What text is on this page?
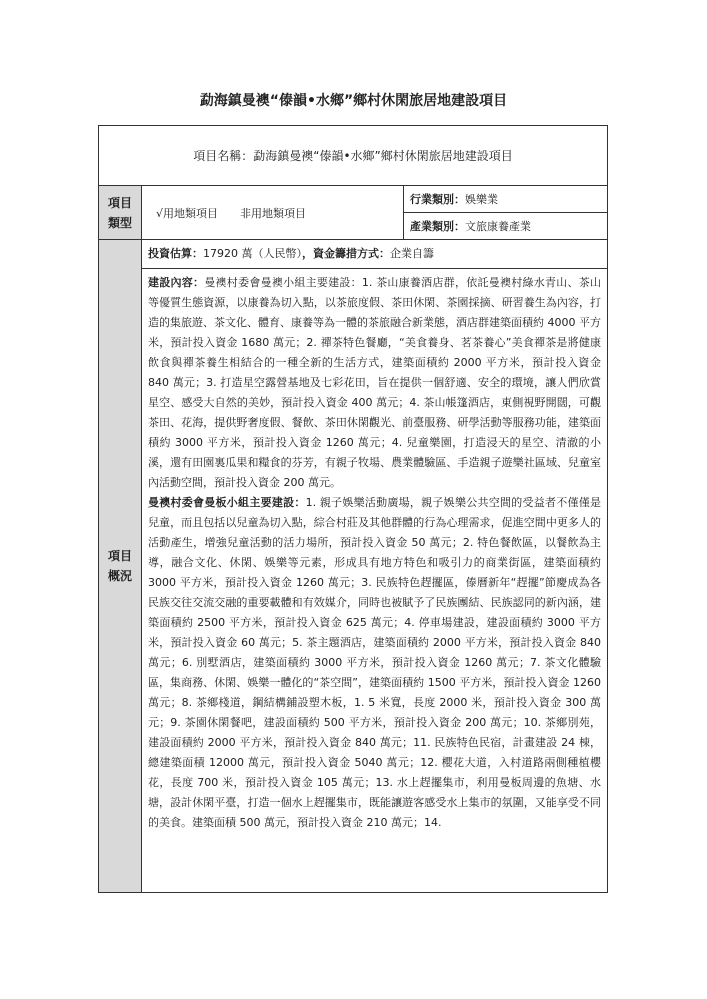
勐海鎮曼襖“傣韻•水鄉”鄉村休閑旅居地建設項目
項目名稱：勐海鎮曼襖“傣韻•水鄉”鄉村休閑旅居地建設項目		

項目類型	√用地類項目 非用地類項目	行業類別：娛樂業
		產業類別：文旅康養產業

項目概況	投資估算：17920 萬（人民幣），資金籌措方式：企業自籌	

	建設內容：曼襖村委會曼襖小組主要建設：1. 茶山康養酒店群，依託曼襖村綠水青山、茶山等優質生態資源，以康養為切入點，以茶旅度假、茶田休閑、茶園採摘、研習養生為內容，打造的集旅遊、茶文化、體育、康養等為一體的茶旅融合新業態，酒店群建築面積約 4000 平方米，預計投入資金 1680 萬元；2. 禪茶特色餐廳，“美食養身、茗茶養心”美食禪茶是將健康飲食與禪茶養生相結合的一種全新的生活方式，建築面積約 2000 平方米，預計投入資金 840 萬元；3. 打造星空露營基地及七彩花田，旨在提供一個舒適、安全的環境，讓人們欣賞星空、感受大自然的美妙，預計投入資金 400 萬元；4. 茶山帳篷酒店，東側視野開闊，可觀茶田、花海，提供野奢度假、餐飲、茶田休閑觀光、前臺服務、研學活動等服務功能，建築面積約 3000 平方米，預計投入資金 1260 萬元；4. 兒童樂園，打造浸天的星空、清澈的小溪，還有田園裏瓜果和糧食的芬芳，有親子牧場、農業體驗區、手造親子遊樂社區域、兒童室內活動空間，預計投入資金 200 萬元。

曼襖村委會曼板小組主要建設：1. 親子娛樂活動廣場，親子娛樂公共空間的受益者不僅僅是兒童，而且包括以兒童為切入點，綜合村莊及其他群體的行為心理需求，促進空間中更多人的活動產生，增強兒童活動的活力場所，預計投入資金 50 萬元；2. 特色餐飲區，以餐飲為主導，融合文化、休閑、娛樂等元素，形成具有地方特色和吸引力的商業街區，建築面積約 3000 平方米，預計投入資金 1260 萬元；3. 民族特色趕擺區，傣曆新年“趕擺”節慶成為各民族交往交流交融的重要載體和有效媒介，同時也被賦予了民族團結、民族認同的新內涵，建築面積約 2500 平方米，預計投入資金 625 萬元；4. 停車場建設，建設面積約 3000 平方米，預計投入資金 60 萬元；5. 茶主題酒店，建築面積約 2000 平方米，預計投入資金 840 萬元；6. 別墅酒店，建築面積約 3000 平方米，預計投入資金 1260 萬元；7. 茶文化體驗區，集商務、休閑、娛樂一體化的“茶空間”，建築面積約 1500 平方米，預計投入資金 1260 萬元；8. 茶鄉棧道，鋼結構鋪設塑木板，1. 5 米寬，長度 2000 米，預計投入資金 300 萬元；9. 茶園休閑餐吧，建設面積約 500 平方米，預計投入資金 200 萬元；10. 茶鄉別苑，建設面積約 2000 平方米，預計投入資金 840 萬元；11. 民族特色民宿，計畫建設 24 棟，總建築面積 12000 萬元，預計投入資金 5040 萬元；12. 櫻花大道，入村道路兩側種植櫻花，長度 700 米，預計投入資金 105 萬元；13. 水上趕擺集市，利用曼板周邊的魚塘、水塘，設計休閑平臺，打造一個水上趕擺集市，既能讓遊客感受水上集市的氛圍，又能享受不同的美食。建築面積 500 萬元，預計投入資金 210 萬元；14.	
